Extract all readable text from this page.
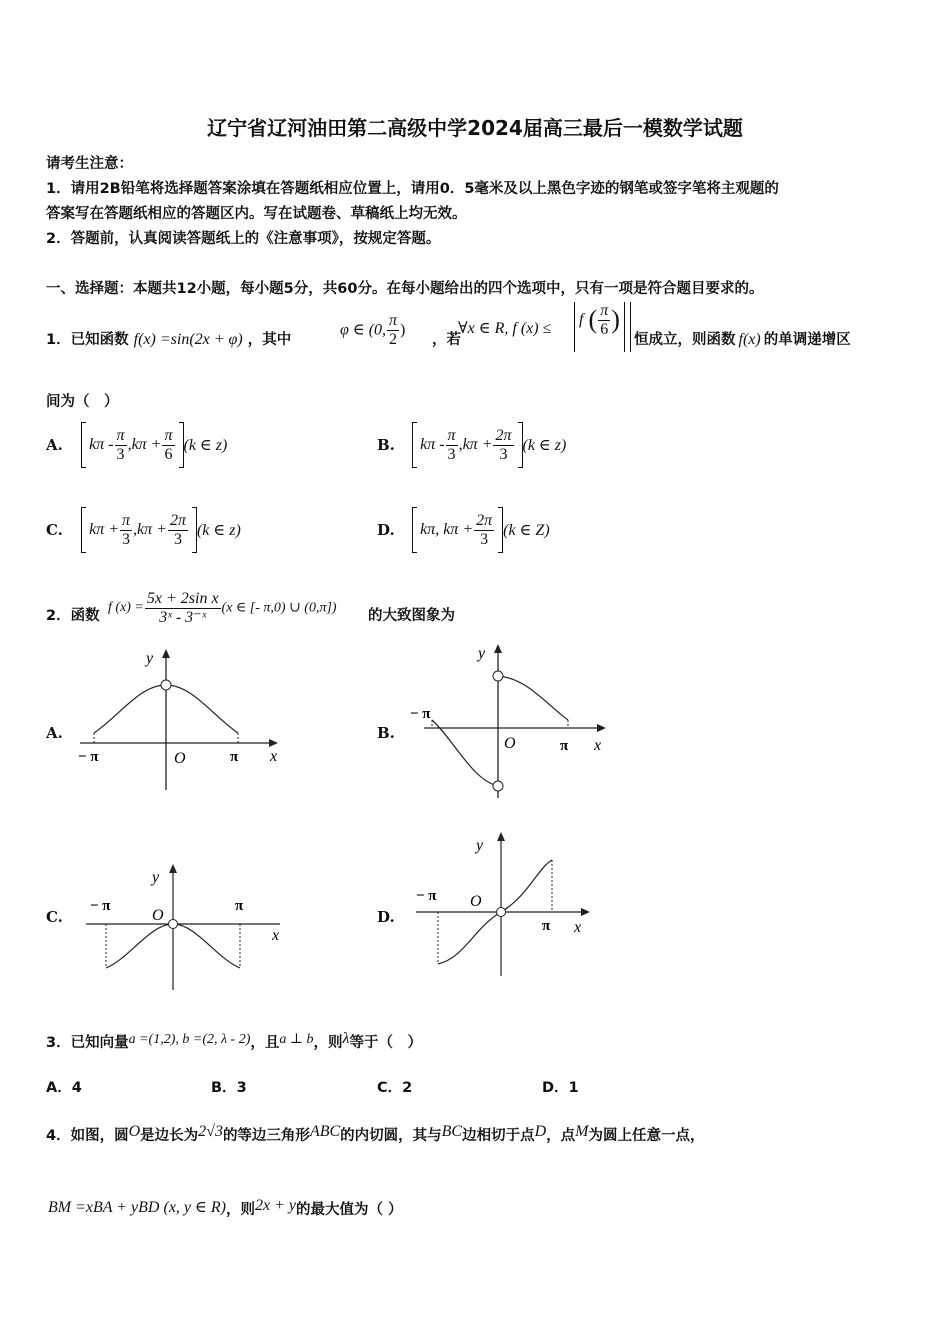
辽宁省辽河油田第二高级中学2024届高三最后一模数学试题
请考生注意：
1．请用2B铅笔将选择题答案涂填在答题纸相应位置上，请用0．5毫米及以上黑色字迹的钢笔或签字笔将主观题的
答案写在答题纸相应的答题区内。写在试题卷、草稿纸上均无效。
2．答题前，认真阅读答题纸上的《注意事项》，按规定答题。
一、选择题：本题共12小题，每小题5分，共60分。在每小题给出的四个选项中，只有一项是符合题目要求的。
1．已知函数 f(x) =sin(2x + φ) ，其中
φ ∈ (0, $\frac{\pi}{2}$ )
，若
∀x ∈ R, f (x) ≤
f ( $\frac{\pi}{6}$ )
恒成立，则函数 f(x) 的单调递增区
间为（　）
A. $k\pi - \frac{\pi}{3} ,k\pi + \frac{\pi}{6} (k$ ∈ z)	B. $k\pi - \frac{\pi}{3} ,k\pi + \frac{2\pi}{3} (k$ ∈ z)
C. $k\pi + \frac{\pi}{3} ,k\pi + \frac{2\pi}{3} (k$ ∈ z)	D. kπ, $k\pi + \frac{2\pi}{3} (k$ ∈ Z)
2．函数
f $(x) = \frac{\text{5x + 2sin x}}{\text{3ˣ - 3⁻ˣ}} (x$ ∈ [- π,0) ∪ (0,π]) 的大致图象为
A.	B.
C.	D.
y
x
O
− π	π
y
x
O
− π
π
y
x
O
− π	π
y
x
O
− π
π
3．已知向量a =(1,2), b =(2, λ - 2)，且a ⊥ b，则λ等于（　）
A．4	B．3	C．2	D．1
4．如图，圆O是边长为2√3的等边三角形ABC的内切圆，其与BC边相切于点D，点M为圆上任意一点，
BM =xBA + yBD (x, y ∈ R)，则2x + y的最大值为（ ）
